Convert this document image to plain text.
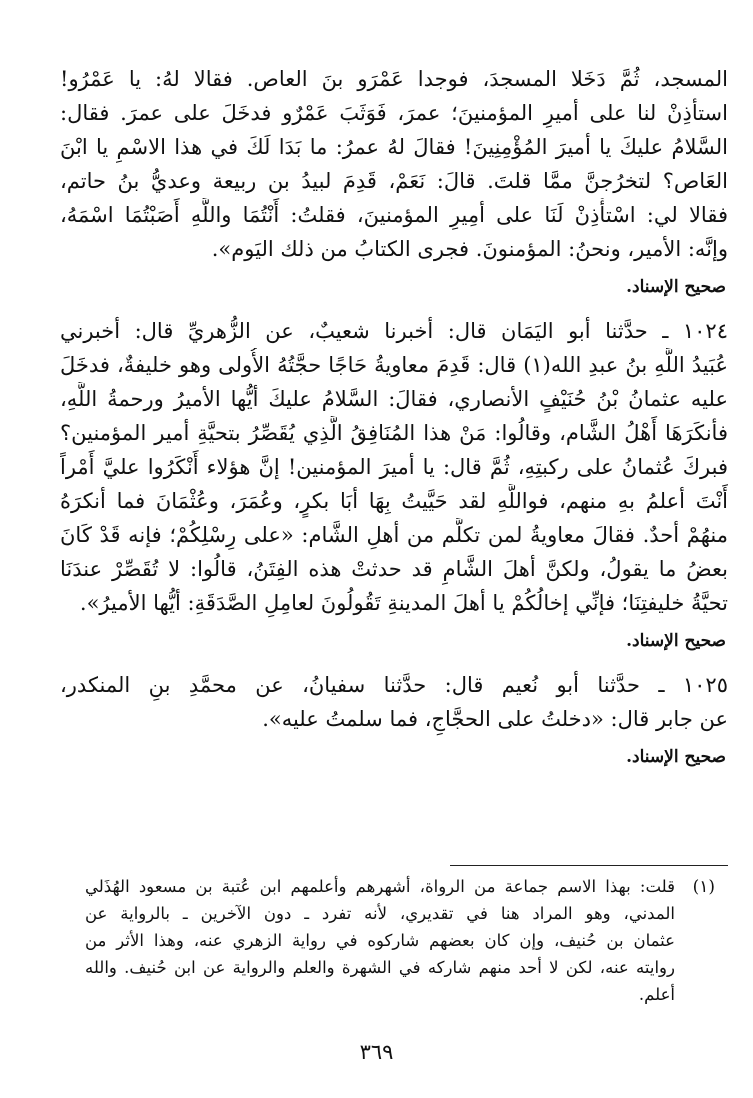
المسجد، ثُمَّ دَخَلا المسجدَ، فوجدا عَمْرَو بنَ العاص. فقالا لهُ: يا عَمْرُو!
استأذِنْ لنا على أميرِ المؤمنينَ؛ عمرَ، فَوَثَبَ عَمْرٌو فدخَلَ على عمرَ. فقال:
السَّلامُ عليكَ يا أميرَ المُؤْمِنِينَ! فقالَ لهُ عمرُ: ما بَدَا لَكَ في هذا الاسْمِ يا ابْنَ
العَاص؟ لتخرُجنَّ ممَّا قلتَ. قالَ: نَعَمْ، قَدِمَ لبيدُ بن ربيعة وعديُّ بنُ حاتم،
فقالا لي: اسْتأْذِنْ لَنَا على أمِيرِ المؤمنينَ، فقلتُ: أَنْتُمَا واللَّهِ أَصَبْتُمَا اسْمَهُ،
وإنَّه: الأمير، ونحنُ: المؤمنونَ. فجرى الكتابُ من ذلك اليَوم».
صحيح الإسناد.
١٠٢٤ ـ حدَّثنا أبو اليَمَان قال: أخبرنا شعيبٌ، عن الزُّهريِّ قال: أخبرني
عُبَيدُ اللَّهِ بنُ عبدِ الله(١) قال: قَدِمَ معاويةُ حَاجًا حجَّتُهُ الأُولى وهو خليفةٌ، فدخَلَ
عليه عثمانُ بْنُ حُنَيْفٍ الأنصاري، فقالَ: السَّلامُ عليكَ أيُّها الأميرُ ورحمةُ اللَّهِ،
فأنكَرَهَا أَهْلُ الشَّام، وقالُوا: مَنْ هذا المُنَافِقُ الَّذِي يُقَصِّرُ بتحيَّةِ أمير المؤمنين؟
فبركَ عُثمانُ على ركبتِهِ، ثُمَّ قال: يا أميرَ المؤمنين! إنَّ هؤلاء أَنْكَرُوا عليَّ أَمْراً
أَنْتَ أعلمُ بهِ منهم، فواللَّهِ لقد حَيَّيتُ بِهَا أبَا بكرٍ، وعُمَرَ، وعُثْمَانَ فما أنكرَهُ
منهُمْ أحدٌ. فقالَ معاويةُ لمن تكلَّم من أهلِ الشَّام: «على رِسْلِكُمْ؛ فإنه قَدْ كَانَ
بعضُ ما يقولُ، ولكنَّ أهلَ الشَّامِ قد حدثتْ هذه الفِتَنُ، قالُوا: لا تُقَصِّرْ عندَنَا
تحيَّةُ خليفتِنَا؛ فإنِّي إخالُكُمْ يا أهلَ المدينةِ تَقُولُونَ لعامِلِ الصَّدَقَةِ: أيُّها الأميرُ».
صحيح الإسناد.
١٠٢٥ ـ حدَّثنا أبو نُعيم قال: حدَّثنا سفيانُ، عن محمَّدِ بنِ المنكدر،
عن جابر قال: «دخلتُ على الحجَّاجِ، فما سلمتُ عليه».
صحيح الإسناد.
(١)
قلت: بهذا الاسم جماعة من الرواة، أشهرهم وأعلمهم ابن عُتبة بن مسعود الهُذَلي
المدني، وهو المراد هنا في تقديري، لأنه تفرد ـ دون الآخرين ـ بالرواية عن
عثمان بن حُنيف، وإن كان بعضهم شاركوه في رواية الزهري عنه، وهذا الأثر من
روايته عنه، لكن لا أحد منهم شاركه في الشهرة والعلم والرواية عن ابن حُنيف. والله
أعلم.
٣٦٩
